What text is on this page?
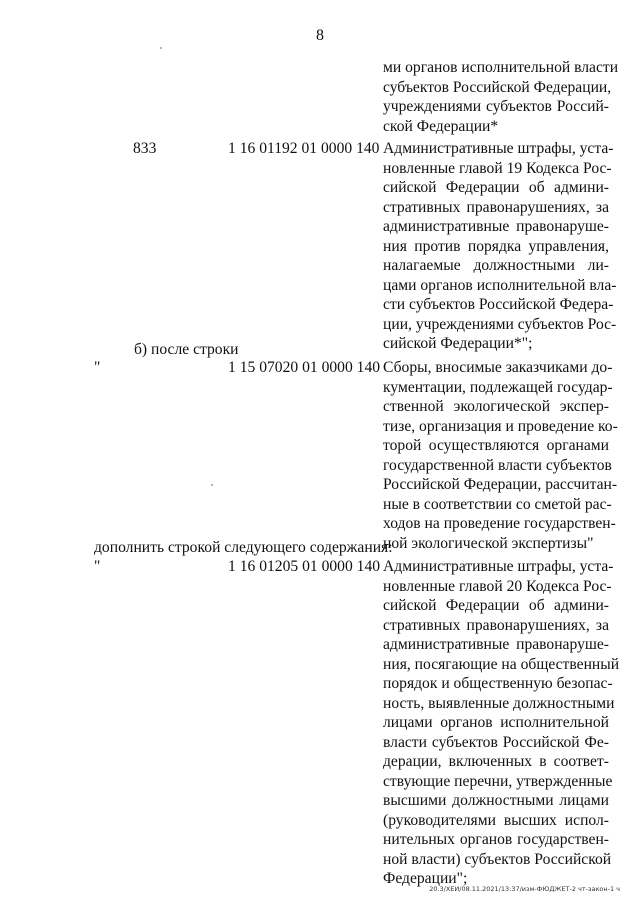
8
ми органов исполнительной власти
субъектов Российской Федерации,
учреждениями субъектов Россий-
ской Федерации*
833	1 16 01192 01 0000 140 Административные штрафы, уста-
новленные главой 19 Кодекса Рос-
сийской Федерации об админи-
стративных правонарушениях, за
административные правонаруше-
ния против порядка управления,
налагаемые должностными ли-
цами органов исполнительной вла-
сти субъектов Российской Федера-
ции, учреждениями субъектов Рос-
сийской Федерации*";
б) после строки
"	1 15 07020 01 0000 140 Сборы, вносимые заказчиками до-
кументации, подлежащей государ-
ственной экологической экспер-
тизе, организация и проведение ко-
торой осуществляются органами
государственной власти субъектов
Российской Федерации, рассчитан-
ные в соответствии со сметой рас-
ходов на проведение государствен-
ной экологической экспертизы"
дополнить строкой следующего содержания:
"	1 16 01205 01 0000 140 Административные штрафы, уста-
новленные главой 20 Кодекса Рос-
сийской Федерации об админи-
стративных правонарушениях, за
административные правонаруше-
ния, посягающие на общественный
порядок и общественную безопас-
ность, выявленные должностными
лицами органов исполнительной
власти субъектов Российской Фе-
дерации, включенных в соответ-
ствующие перечни, утвержденные
высшими должностными лицами
(руководителями высших испол-
нительных органов государствен-
ной власти) субъектов Российской
Федерации";
20.3/ХЕИ/08.11.2021/13:37/изм-ФЮДЖЕТ-2 чт-закон-1 ч
